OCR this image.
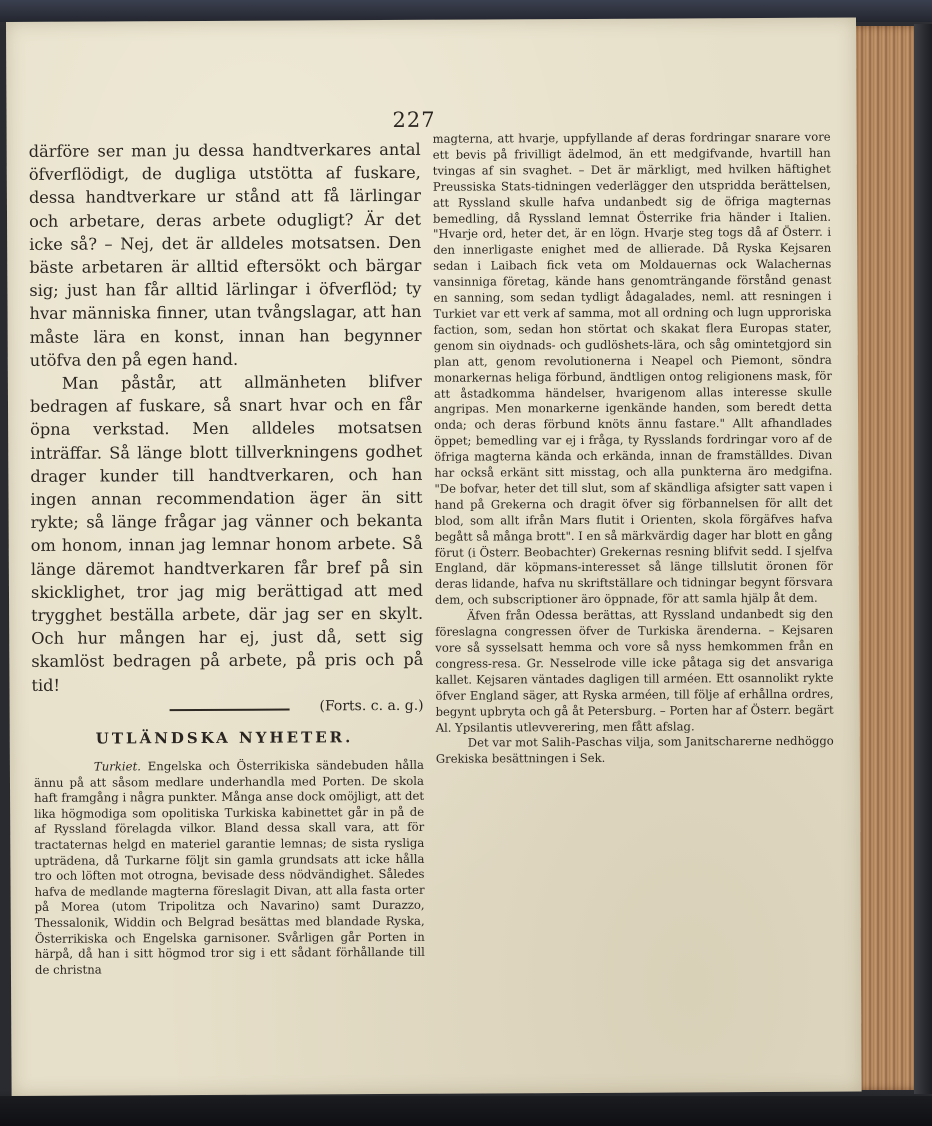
227

därföre ser man ju dessa handtverkares antal öfverflödigt, de dugliga utstötta af fuskare, dessa handtverkare ur stånd att få lärlingar och arbetare, deras arbete odugligt? Är det icke så? – Nej, det är alldeles motsatsen. Den bäste arbetaren är alltid eftersökt och bärgar sig; just han får alltid lärlingar i öfverflöd; ty hvar människa finner, utan tvångslagar, att han måste lära en konst, innan han begynner utöfva den på egen hand.

Man påstår, att allmänheten blifver bedragen af fuskare, så snart hvar och en får öpna verkstad. Men alldeles motsatsen inträffar. Så länge blott tillverkningens godhet drager kunder till handtverkaren, och han ingen annan recommendation äger än sitt rykte; så länge frågar jag vänner och bekanta om honom, innan jag lemnar honom arbete. Så länge däremot handtverkaren får bref på sin skicklighet, tror jag mig berättigad att med trygghet beställa arbete, där jag ser en skylt. Och hur mången har ej, just då, sett sig skamlöst bedragen på arbete, på pris och på tid!

(Forts. c. a. g.)

UTLÄNDSKA NYHETER.

Turkiet. Engelska och Österrikiska sändebuden hålla ännu på att såsom medlare underhandla med Porten. De skola haft framgång i några punkter. Många anse dock omöjligt, att det lika högmodiga som opolitiska Turkiska kabinettet går in på de af Ryssland förelagda vilkor. Bland dessa skall vara, att för tractaternas helgd en materiel garantie lemnas; de sista rysliga upträdena, då Turkarne följt sin gamla grundsats att icke hålla tro och löften mot otrogna, bevisade dess nödvändighet. Således hafva de medlande magterna föreslagit Divan, att alla fasta orter på Morea (utom Tripolitza och Navarino) samt Durazzo, Thessalonik, Widdin och Belgrad besättas med blandade Ryska, Österrikiska och Engelska garnisoner. Svårligen går Porten in härpå, då han i sitt högmod tror sig i ett sådant förhållande till de christna

magterna, att hvarje, uppfyllande af deras fordringar snarare vore ett bevis på frivilligt ädelmod, än ett medgifvande, hvartill han tvingas af sin svaghet. – Det är märkligt, med hvilken häftighet Preussiska Stats-tidningen vederlägger den utspridda berättelsen, att Ryssland skulle hafva undanbedt sig de öfriga magternas bemedling, då Ryssland lemnat Österrike fria händer i Italien. "Hvarje ord, heter det, är en lögn. Hvarje steg togs då af Österr. i den innerligaste enighet med de allierade. Då Ryska Kejsaren sedan i Laibach fick veta om Moldauernas ock Walachernas vansinniga företag, kände hans genomträngande förstånd genast en sanning, som sedan tydligt ådagalades, neml. att resningen i Turkiet var ett verk af samma, mot all ordning och lugn upproriska faction, som, sedan hon störtat och skakat flera Europas stater, genom sin oiydnads- och gudlöshets-lära, och såg omintetgjord sin plan att, genom revolutionerna i Neapel och Piemont, söndra monarkernas heliga förbund, ändtligen ontog religionens mask, för att åstadkomma händelser, hvarigenom allas interesse skulle angripas. Men monarkerne igenkände handen, som beredt detta onda; och deras förbund knöts ännu fastare." Allt afhandlades öppet; bemedling var ej i fråga, ty Rysslands fordringar voro af de öfriga magterna kända och erkända, innan de framställdes. Divan har också erkänt sitt misstag, och alla punkterna äro medgifna. "De bofvar, heter det till slut, som af skändliga afsigter satt vapen i hand på Grekerna och dragit öfver sig förbannelsen för allt det blod, som allt ifrån Mars flutit i Orienten, skola förgäfves hafva begått så många brott". I en så märkvärdig dager har blott en gång förut (i Österr. Beobachter) Grekernas resning blifvit sedd. I sjelfva England, där köpmans-interesset så länge tillslutit öronen för deras lidande, hafva nu skriftställare och tidningar begynt försvara dem, och subscriptioner äro öppnade, för att samla hjälp åt dem.

Äfven från Odessa berättas, att Ryssland undanbedt sig den föreslagna congressen öfver de Turkiska ärenderna. – Kejsaren vore så sysselsatt hemma och vore så nyss hemkommen från en congress-resa. Gr. Nesselrode ville icke påtaga sig det ansvariga kallet. Kejsaren väntades dagligen till arméen. Ett osannolikt rykte öfver England säger, att Ryska arméen, till följe af erhållna ordres, begynt upbryta och gå åt Petersburg. – Porten har af Österr. begärt Al. Ypsilantis utlevverering, men fått afslag.

Det var mot Salih-Paschas vilja, som Janitscharerne nedhöggo Grekiska besättningen i Sek.
